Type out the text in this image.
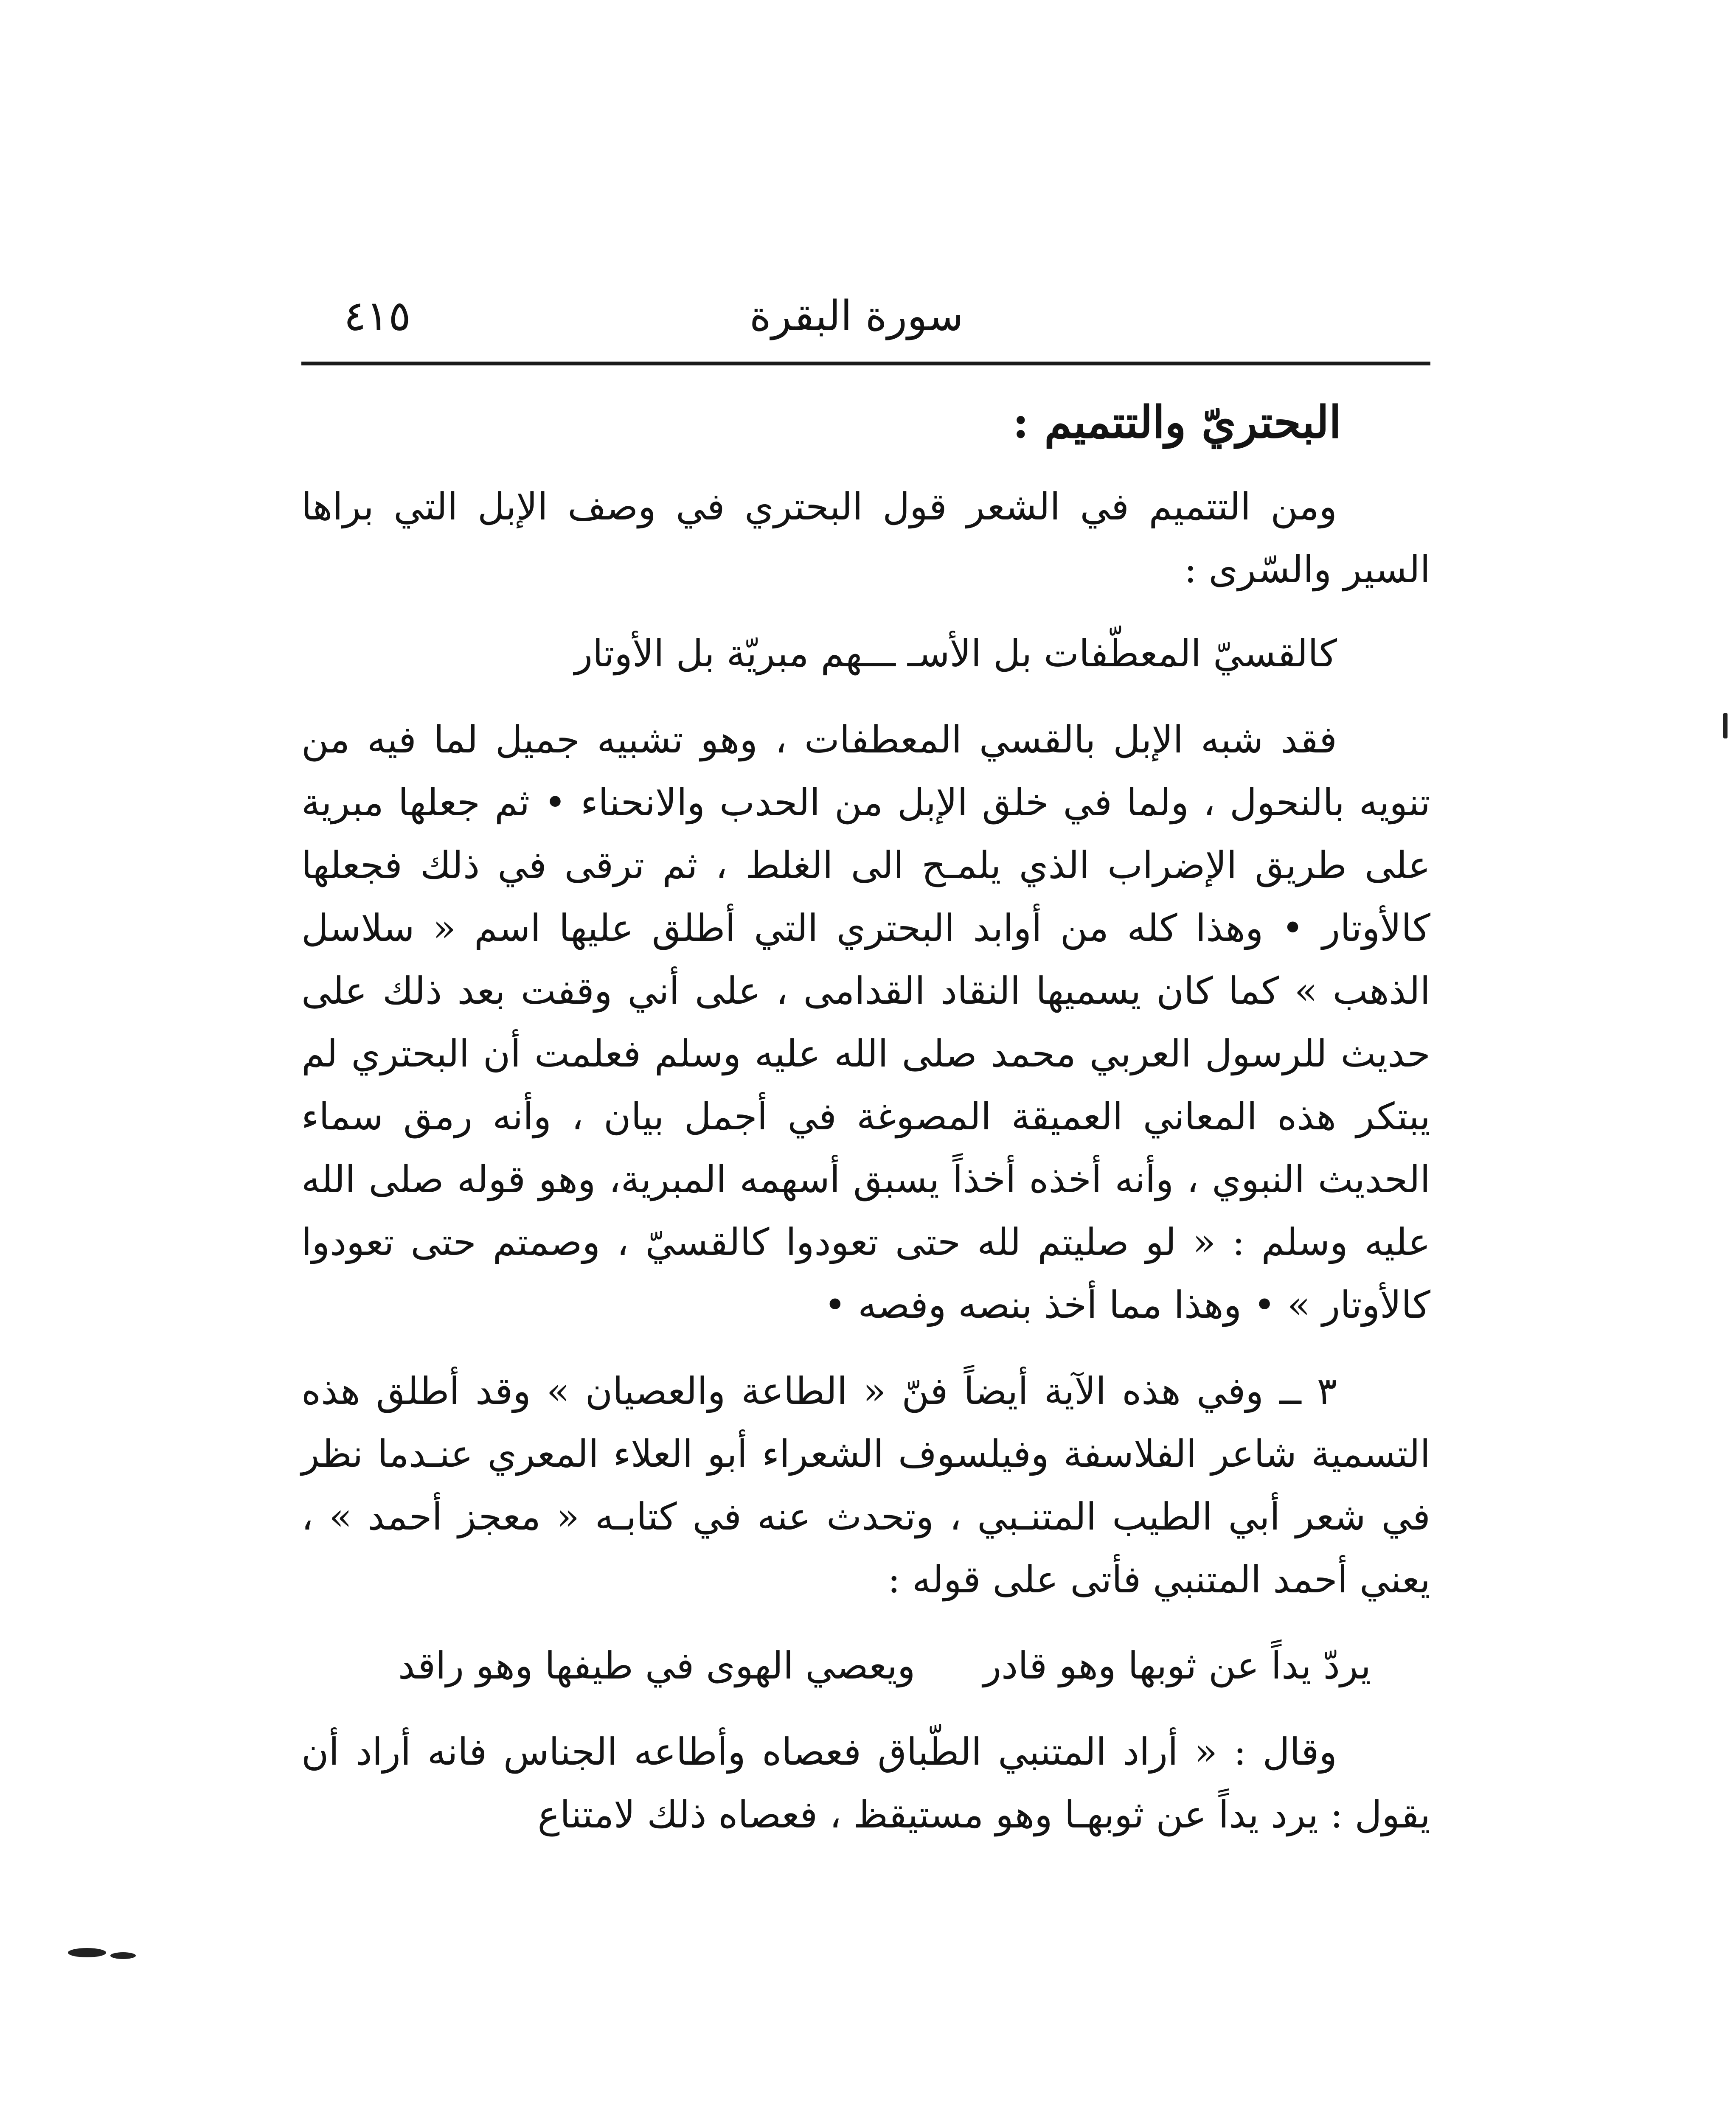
سورة البقرة
٤١٥
البحتريّ والتتميم :

ومن التتميم في الشعر قول البحتري في وصف الإبل التي براها السير والسّرى :

كالقسيّ المعطّفات بل الأسـ ـــهم مبريّة بل الأوتار

فقد شبه الإبل بالقسي المعطفات ، وهو تشبيه جميل لما فيه من تنويه بالنحول ، ولما في خلق الإبل من الحدب والانحناء • ثم جعلها مبرية على طريق الإضراب الذي يلمـح الى الغلط ، ثم ترقى في ذلك فجعلها كالأوتار • وهذا كله من أوابد البحتري التي أطلق عليها اسم « سلاسل الذهب » كما كان يسميها النقاد القدامى ، على أني وقفت بعد ذلك على حديث للرسول العربي محمد صلى الله عليه وسلم فعلمت أن البحتري لم يبتكر هذه المعاني العميقة المصوغة في أجمل بيان ، وأنه رمق سماء الحديث النبوي ، وأنه أخذه أخذاً يسبق أسهمه المبرية، وهو قوله صلى الله عليه وسلم : « لو صليتم لله حتى تعودوا كالقسيّ ، وصمتم حتى تعودوا كالأوتار » • وهذا مما أخذ بنصه وفصه •

٣ ــ وفي هذه الآية أيضاً فنّ « الطاعة والعصيان » وقد أطلق هذه التسمية شاعر الفلاسفة وفيلسوف الشعراء أبو العلاء المعري عنـدما نظر في شعر أبي الطيب المتنـبي ، وتحدث عنه في كتابـه « معجز أحمد » ، يعني أحمد المتنبي فأتى على قوله :

يردّ يداً عن ثوبها وهو قادر
ويعصي الهوى في طيفها وهو راقد

وقال : « أراد المتنبي الطّباق فعصاه وأطاعه الجناس فانه أراد أن يقول : يرد يداً عن ثوبهـا وهو مستيقظ ، فعصاه ذلك لامتناع
